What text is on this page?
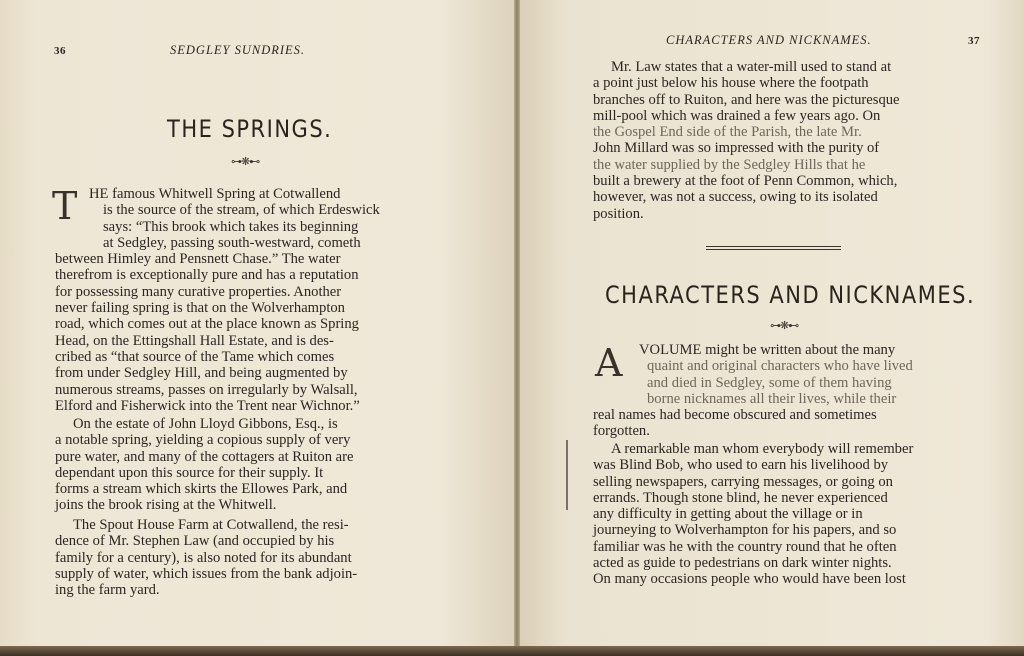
36	SEDGLEY SUNDRIES.
THE SPRINGS.
⊶❋⊷
T HE famous Whitwell Spring at Cotwallend
is the source of the stream, of which Erdeswick
says: “This brook which takes its beginning
at Sedgley, passing south-westward, cometh
between Himley and Pensnett Chase.” The water
therefrom is exceptionally pure and has a reputation
for possessing many curative properties. Another
never failing spring is that on the Wolverhampton
road, which comes out at the place known as Spring
Head, on the Ettingshall Hall Estate, and is des-
cribed as “that source of the Tame which comes
from under Sedgley Hill, and being augmented by
numerous streams, passes on irregularly by Walsall,
Elford and Fisherwick into the Trent near Wichnor.”
On the estate of John Lloyd Gibbons, Esq., is
a notable spring, yielding a copious supply of very
pure water, and many of the cottagers at Ruiton are
dependant upon this source for their supply. It
forms a stream which skirts the Ellowes Park, and
joins the brook rising at the Whitwell.
The Spout House Farm at Cotwallend, the resi-
dence of Mr. Stephen Law (and occupied by his
family for a century), is also noted for its abundant
supply of water, which issues from the bank adjoin-
ing the farm yard.
CHARACTERS AND NICKNAMES.	37
Mr. Law states that a water-mill used to stand at
a point just below his house where the footpath
branches off to Ruiton, and here was the picturesque
mill-pool which was drained a few years ago. On
the Gospel End side of the Parish, the late Mr.
John Millard was so impressed with the purity of
the water supplied by the Sedgley Hills that he
built a brewery at the foot of Penn Common, which,
however, was not a success, owing to its isolated
position.
CHARACTERS AND NICKNAMES.
⊶❋⊷
A	VOLUME might be written about the many
quaint and original characters who have lived
and died in Sedgley, some of them having
borne nicknames all their lives, while their
real names had become obscured and sometimes
forgotten.
A remarkable man whom everybody will remember
was Blind Bob, who used to earn his livelihood by
selling newspapers, carrying messages, or going on
errands. Though stone blind, he never experienced
any difficulty in getting about the village or in
journeying to Wolverhampton for his papers, and so
familiar was he with the country round that he often
acted as guide to pedestrians on dark winter nights.
On many occasions people who would have been lost
